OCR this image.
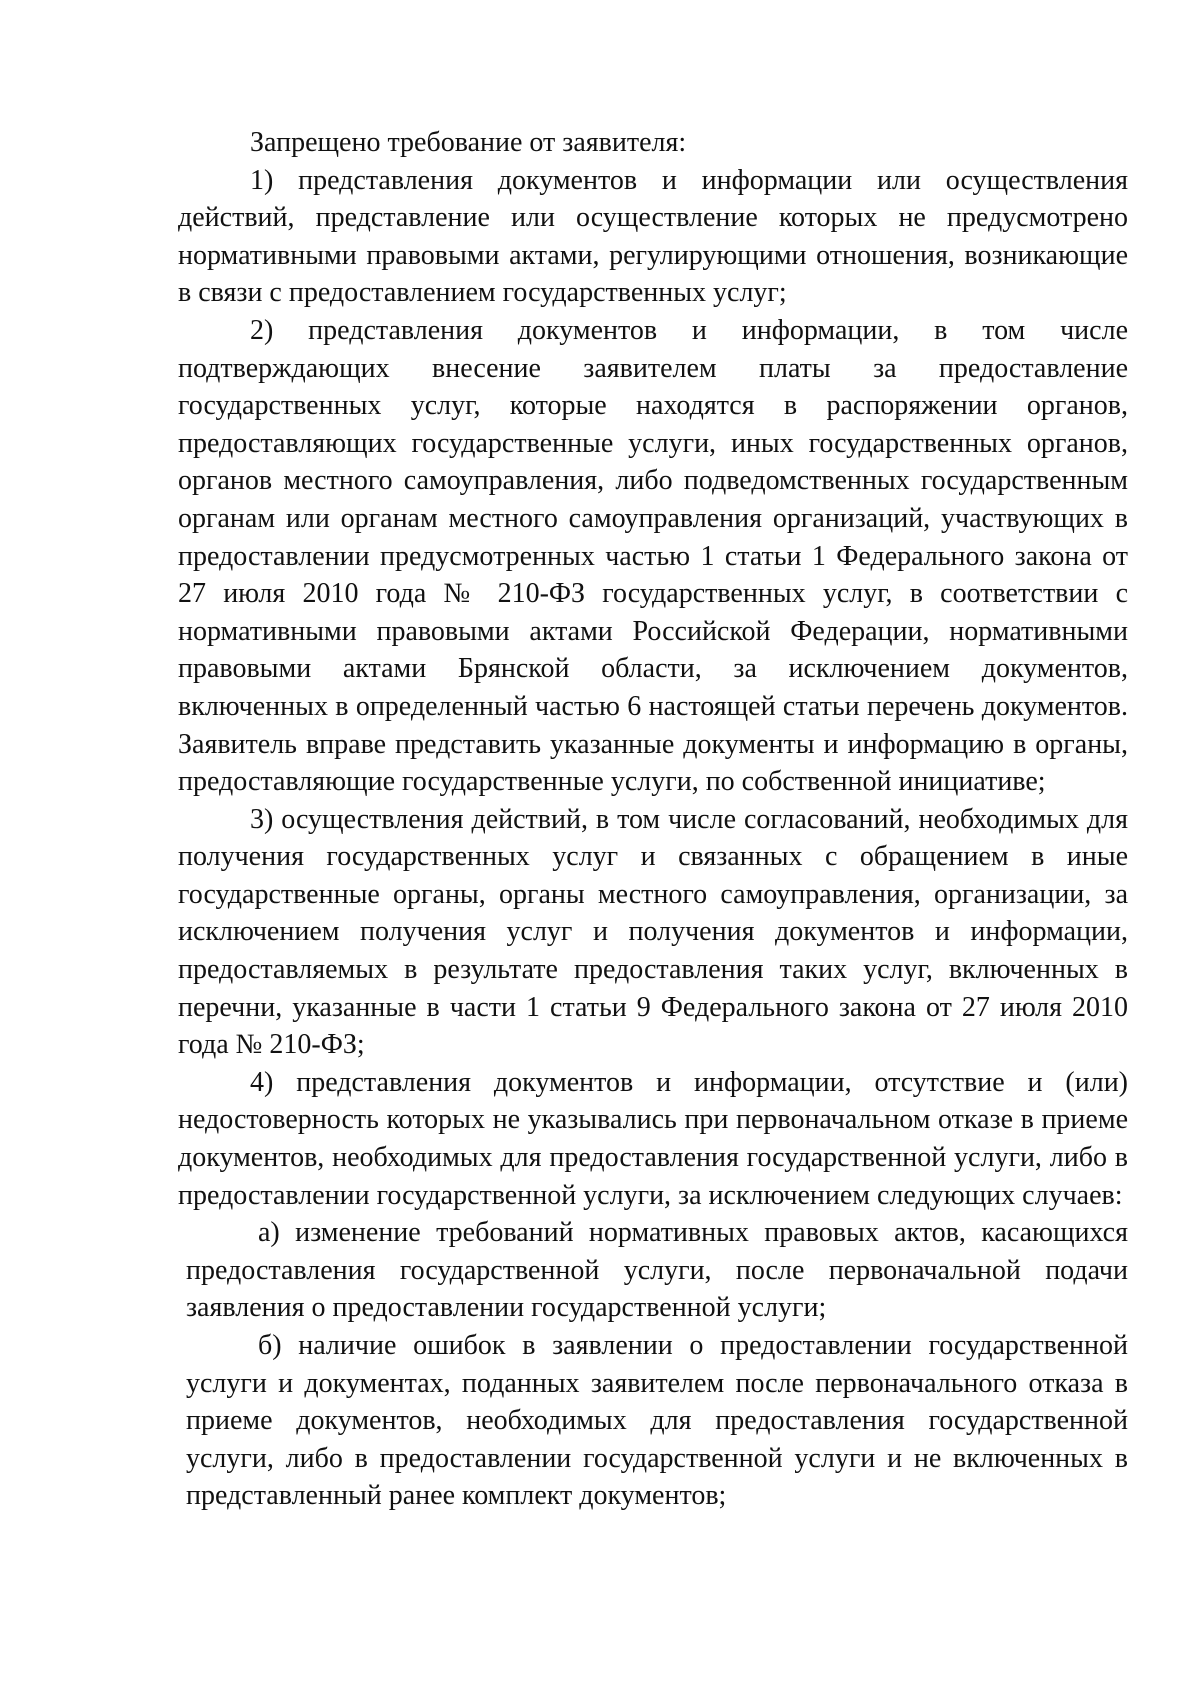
Запрещено требование от заявителя:

1) представления документов и информации или осуществления действий, представление или осуществление которых не предусмотрено нормативными правовыми актами, регулирующими отношения, возникающие в связи с предоставлением государственных услуг;

2) представления документов и информации, в том числе подтверждающих внесение заявителем платы за предоставление государственных услуг, которые находятся в распоряжении органов, предоставляющих государственные услуги, иных государственных органов, органов местного самоуправления, либо подведомственных государственным органам или органам местного самоуправления организаций, участвующих в предоставлении предусмотренных частью 1 статьи 1 Федерального закона от 27 июля 2010 года № 210-ФЗ государственных услуг, в соответствии с нормативными правовыми актами Российской Федерации, нормативными правовыми актами Брянской области, за исключением документов, включенных в определенный частью 6 настоящей статьи перечень документов. Заявитель вправе представить указанные документы и информацию в органы, предоставляющие государственные услуги, по собственной инициативе;

3) осуществления действий, в том числе согласований, необходимых для получения государственных услуг и связанных с обращением в иные государственные органы, органы местного самоуправления, организации, за исключением получения услуг и получения документов и информации, предоставляемых в результате предоставления таких услуг, включенных в перечни, указанные в части 1 статьи 9 Федерального закона от 27 июля 2010 года № 210-ФЗ;

4) представления документов и информации, отсутствие и (или) недостоверность которых не указывались при первоначальном отказе в приеме документов, необходимых для предоставления государственной услуги, либо в предоставлении государственной услуги, за исключением следующих случаев:

а) изменение требований нормативных правовых актов, касающихся предоставления государственной услуги, после первоначальной подачи заявления о предоставлении государственной услуги;

б) наличие ошибок в заявлении о предоставлении государственной услуги и документах, поданных заявителем после первоначального отказа в приеме документов, необходимых для предоставления государственной услуги, либо в предоставлении государственной услуги и не включенных в представленный ранее комплект документов;
